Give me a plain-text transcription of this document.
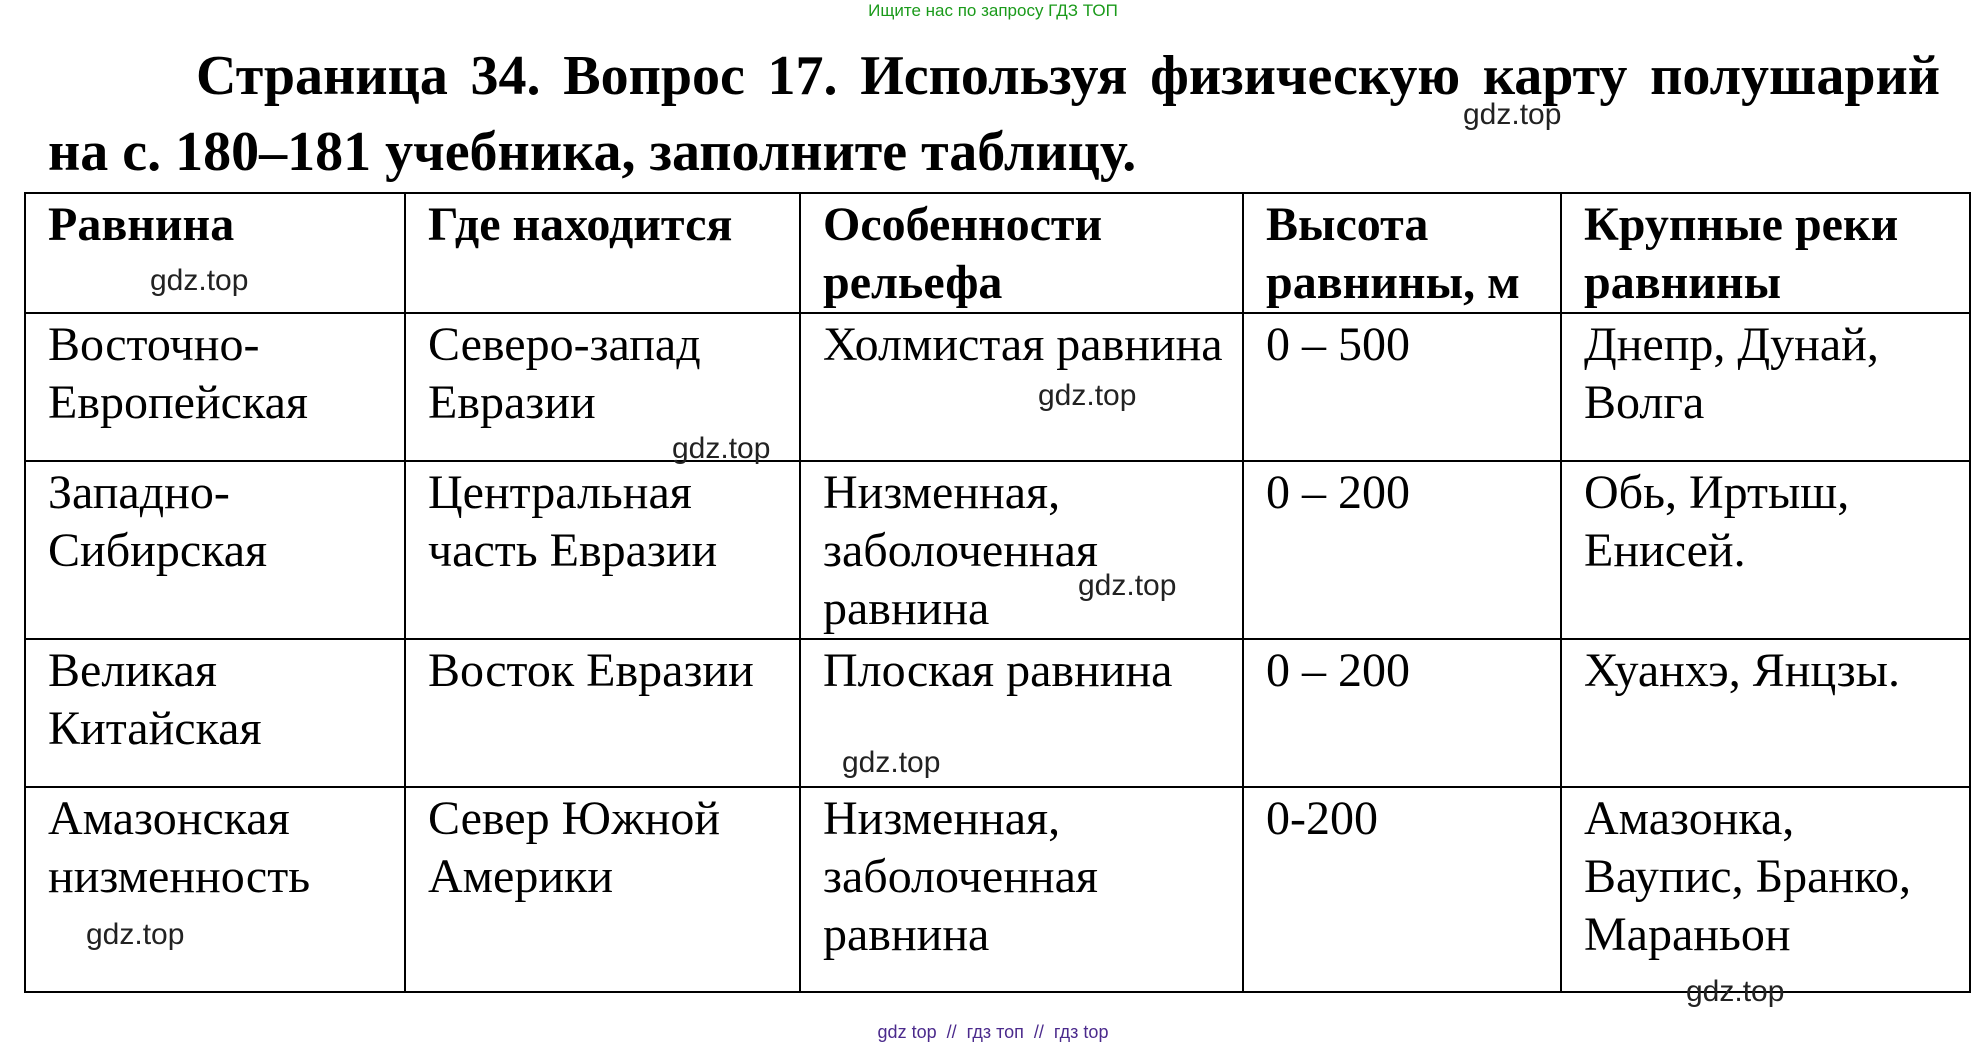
Ищите нас по запросу ГДЗ ТОП

Страница 34. Вопрос 17. Используя физическую карту полушарий на с. 180–181 учебника, заполните таблицу.

Равнина	Где находится	Особенности рельефа	Высота равнины, м	Крупные реки равнины
Восточно-Европейская	Северо-запад Евразии	Холмистая равнина	0 – 500	Днепр, Дунай, Волга
Западно-Сибирская	Центральная часть Евразии	Низменная, заболоченная равнина	0 – 200	Обь, Иртыш, Енисей.
Великая Китайская	Восток Евразии	Плоская равнина	0 – 200	Хуанхэ, Янцзы.
Амазонская низменность	Север Южной Америки	Низменная, заболоченная равнина	0-200	Амазонка, Ваупис, Бранко, Мараньон
gdz.top
gdz.top
gdz.top
gdz.top
gdz.top
gdz.top
gdz.top
gdz.top
gdz top  //  гдз топ  //  гдз top
